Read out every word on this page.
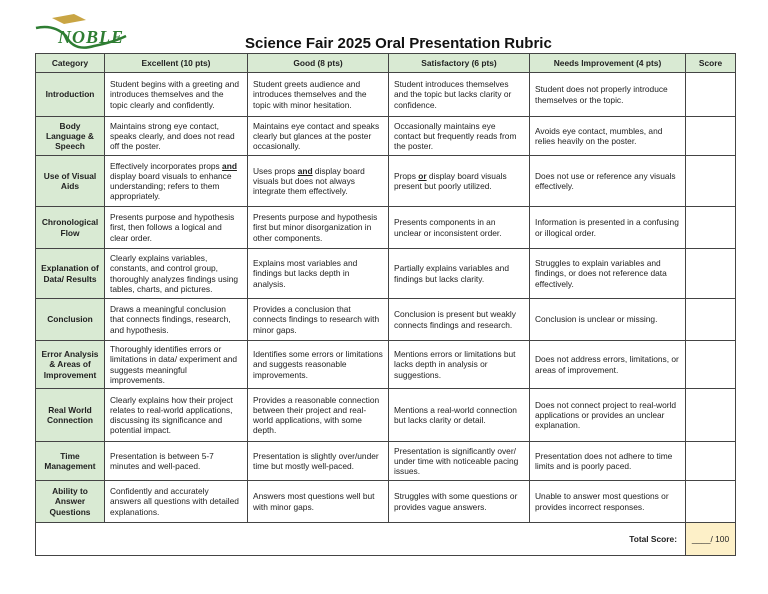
NOBLE	Science Fair 2025 Oral Presentation Rubric
Category	Excellent (10 pts)	Good (8 pts)	Satisfactory (6 pts)	Needs Improvement (4 pts)	Score
Introduction	Student begins with a greeting and introduces themselves and the topic clearly and confidently.	Student greets audience and introduces themselves and the topic with minor hesitation.	Student introduces themselves and the topic but lacks clarity or confidence.	Student does not properly introduce themselves or the topic.	
Body Language & Speech	Maintains strong eye contact, speaks clearly, and does not read off the poster.	Maintains eye contact and speaks clearly but glances at the poster occasionally.	Occasionally maintains eye contact but frequently reads from the poster.	Avoids eye contact, mumbles, and relies heavily on the poster.	
Use of Visual Aids	Effectively incorporates props and display board visuals to enhance understanding; refers to them appropriately.	Uses props and display board visuals but does not always integrate them effectively.	Props or display board visuals present but poorly utilized.	Does not use or reference any visuals effectively.	
Chronological Flow	Presents purpose and hypothesis first, then follows a logical and clear order.	Presents purpose and hypothesis first but minor disorganization in other components.	Presents components in an unclear or inconsistent order.	Information is presented in a confusing or illogical order.	
Explanation of Data/ Results	Clearly explains variables, constants, and control group, thoroughly analyzes findings using tables, charts, and pictures.	Explains most variables and findings but lacks depth in analysis.	Partially explains variables and findings but lacks clarity.	Struggles to explain variables and findings, or does not reference data effectively.	
Conclusion	Draws a meaningful conclusion that connects findings, research, and hypothesis.	Provides a conclusion that connects findings to research with minor gaps.	Conclusion is present but weakly connects findings and research.	Conclusion is unclear or missing.	
Error Analysis & Areas of Improvement	Thoroughly identifies errors or limitations in data/ experiment and suggests meaningful improvements.	Identifies some errors or limitations and suggests reasonable improvements.	Mentions errors or limitations but lacks depth in analysis or suggestions.	Does not address errors, limitations, or areas of improvement.	
Real World Connection	Clearly explains how their project relates to real-world applications, discussing its significance and potential impact.	Provides a reasonable connection between their project and real-world applications, with some depth.	Mentions a real-world connection but lacks clarity or detail.	Does not connect project to real-world applications or provides an unclear explanation.	
Time Management	Presentation is between 5-7 minutes and well-paced.	Presentation is slightly over/under time but mostly well-paced.	Presentation is significantly over/ under time with noticeable pacing issues.	Presentation does not adhere to time limits and is poorly paced.	
Ability to Answer Questions	Confidently and accurately answers all questions with detailed explanations.	Answers most questions well but with minor gaps.	Struggles with some questions or provides vague answers.	Unable to answer most questions or provides incorrect responses.	
Total Score:					____/ 100
